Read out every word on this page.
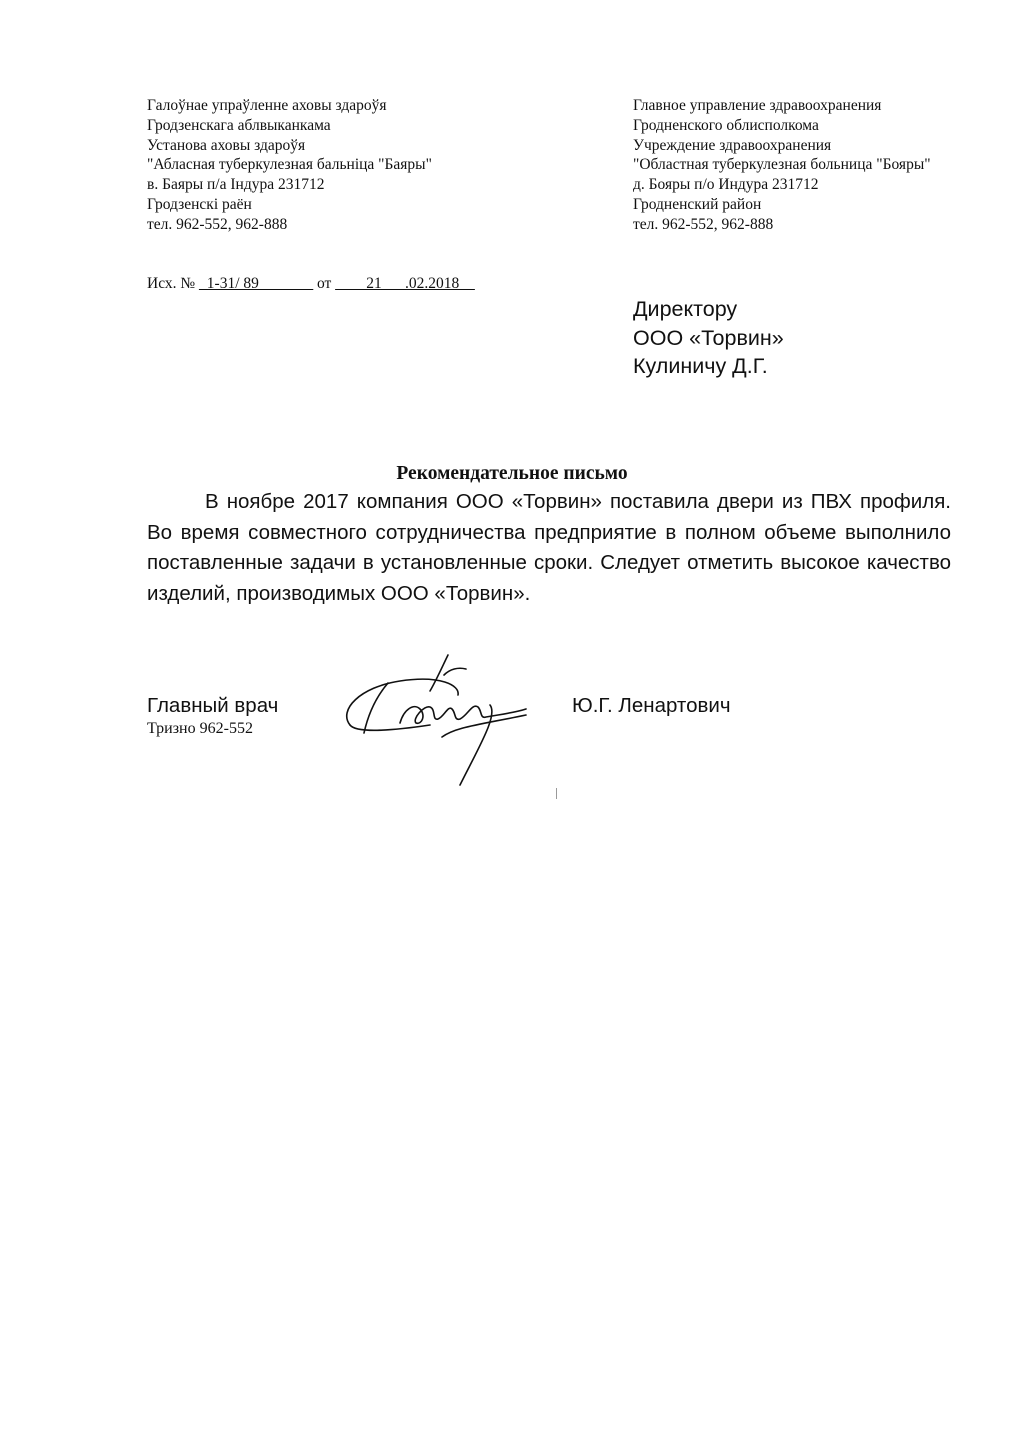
Галоўнае упраўленне аховы здароўя
Гродзенскага аблвыканкама
Установа аховы здароўя
"Абласная туберкулезная бальніца "Баяры"
в. Баяры п/а Індура 231712
Гродзенскі раён
тел. 962-552, 962-888
Главное управление здравоохранения
Гродненского облисполкома
Учреждение здравоохранения
"Областная туберкулезная больница "Бояры"
д. Бояры п/о Индура 231712
Гродненский район
тел. 962-552, 962-888
Исх. № _1-31/ 89_______ от ____21___.02.2018__
Директору
ООО «Торвин»
Кулиничу Д.Г.
Рекомендательное письмо

В ноябре 2017 компания ООО «Торвин» поставила двери из ПВХ профиля. Во время совместного сотрудничества предприятие в полном объеме выполнило поставленные задачи в установленные сроки. Следует отметить высокое качество изделий, производимых ООО «Торвин».

Главный врач
Тризно 962-552
Ю.Г. Ленартович
